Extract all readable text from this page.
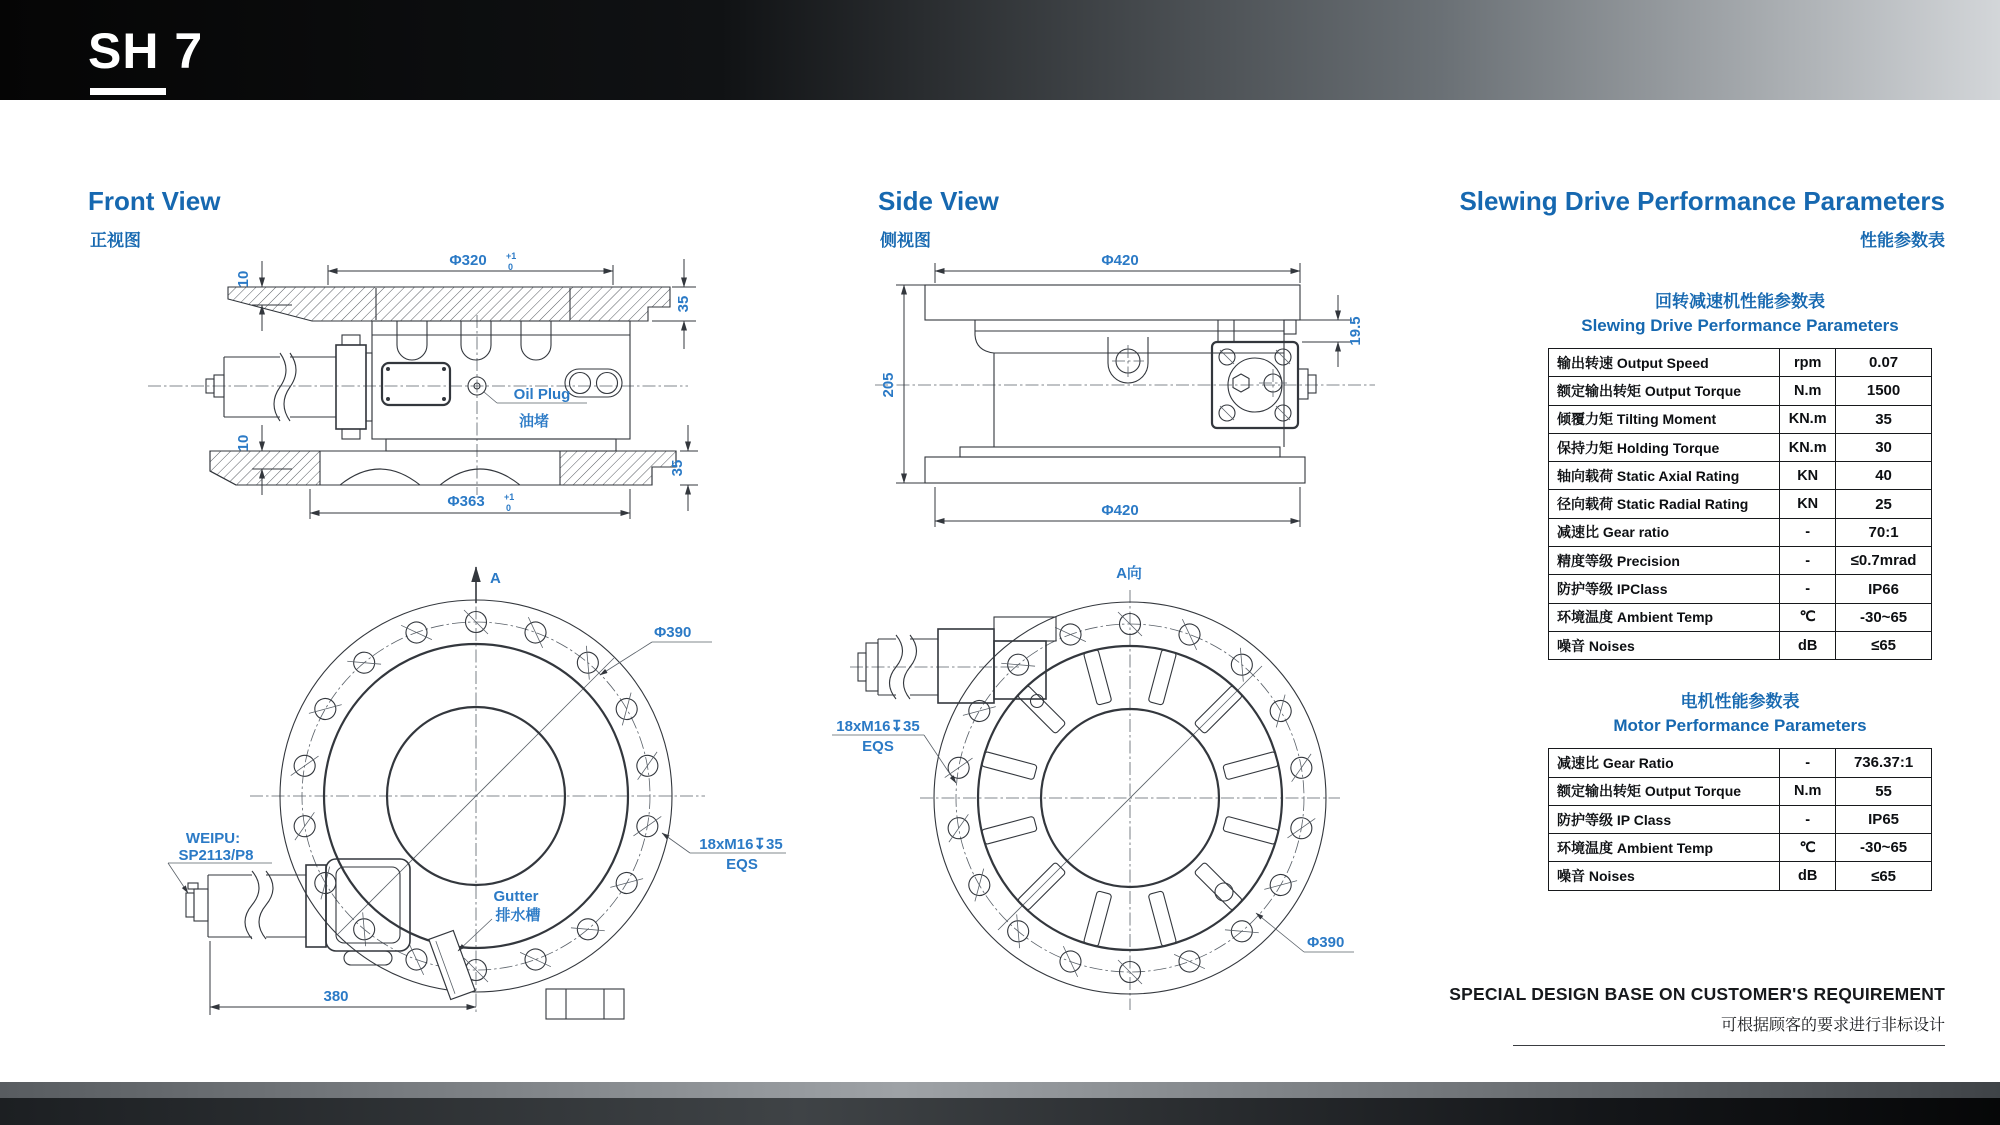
SH 7
Front View
正视图
Side View
侧视图
Slewing Drive Performance Parameters
性能参数表
Oil Plug
油堵
Φ320 +1
0
10
35
10
35
Φ363 +1
0
Φ420
Φ420
205
19.5
A
Φ390
Gutter
排水槽
WEIPU:
SP2113/P8
380
18xM16↧35
EQS
A向
18xM16↧35
EQS
Φ390
回转减速机性能参数表
Slewing Drive Performance Parameters
输出转速 Output Speed	rpm	0.07
额定输出转矩 Output Torque	N.m	1500
倾覆力矩 Tilting Moment	KN.m	35
保持力矩 Holding Torque	KN.m	30
轴向载荷 Static Axial Rating	KN	40
径向载荷 Static Radial Rating	KN	25
减速比 Gear ratio	-	70:1
精度等级 Precision	-	≤0.7mrad
防护等级 IPClass	-	IP66
环境温度 Ambient Temp	℃	-30~65
噪音 Noises	dB	≤65
电机性能参数表
Motor Performance Parameters
减速比 Gear Ratio	-	736.37:1
额定输出转矩 Output Torque	N.m	55
防护等级 IP Class	-	IP65
环境温度 Ambient Temp	℃	-30~65
噪音 Noises	dB	≤65
SPECIAL DESIGN BASE ON CUSTOMER'S REQUIREMENT
可根据顾客的要求进行非标设计
